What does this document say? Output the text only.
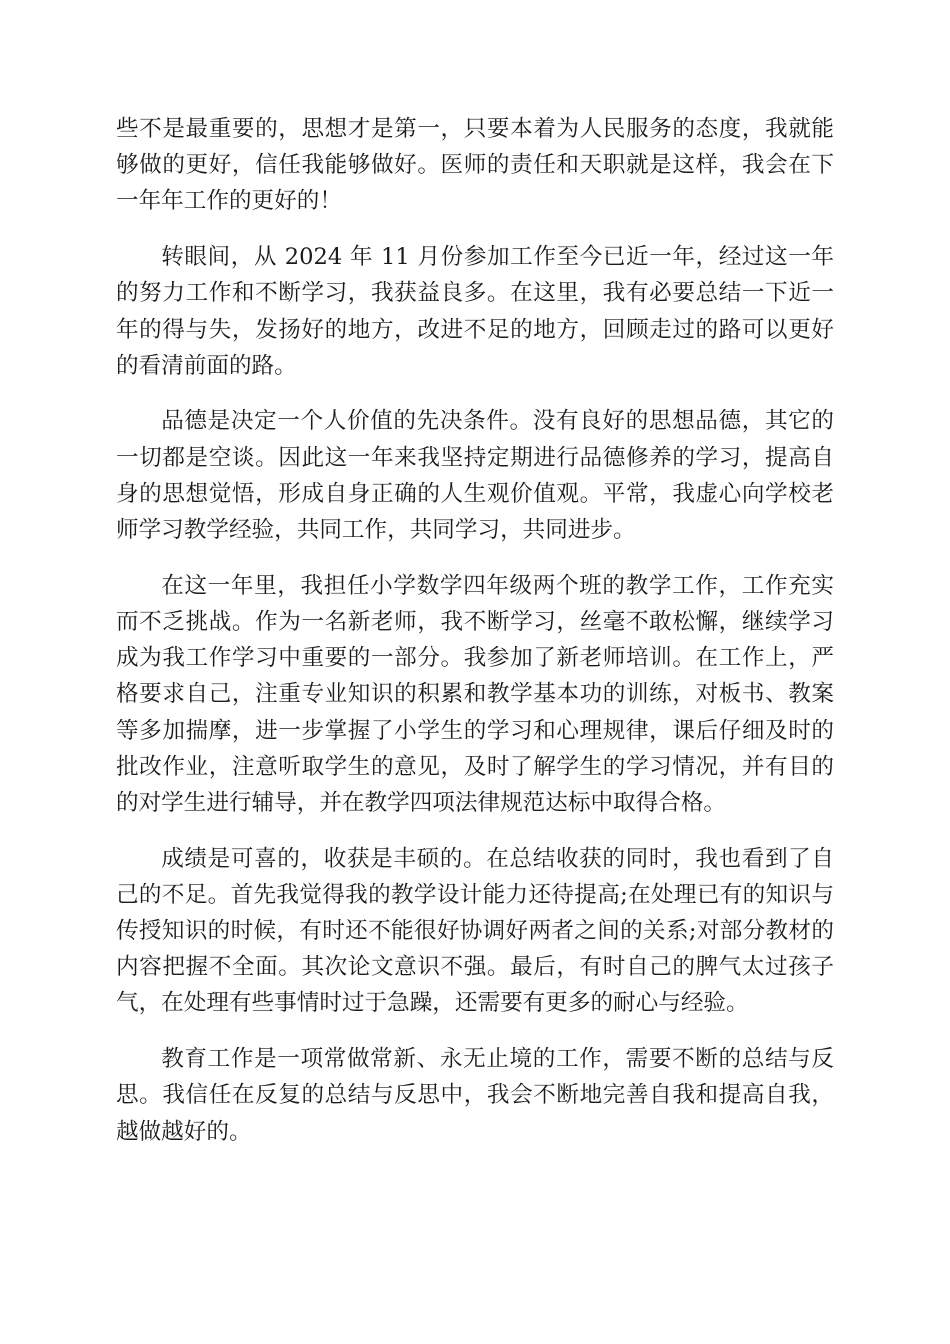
些不是最重要的，思想才是第一，只要本着为人民服务的态度，我就能够做的更好，信任我能够做好。医师的责任和天职就是这样，我会在下一年年工作的更好的！

转眼间，从 2024 年 11 月份参加工作至今已近一年，经过这一年的努力工作和不断学习，我获益良多。在这里，我有必要总结一下近一年的得与失，发扬好的地方，改进不足的地方，回顾走过的路可以更好的看清前面的路。

品德是决定一个人价值的先决条件。没有良好的思想品德，其它的一切都是空谈。因此这一年来我坚持定期进行品德修养的学习，提高自身的思想觉悟，形成自身正确的人生观价值观。平常，我虚心向学校老师学习教学经验，共同工作，共同学习，共同进步。

在这一年里，我担任小学数学四年级两个班的教学工作，工作充实而不乏挑战。作为一名新老师，我不断学习，丝毫不敢松懈，继续学习成为我工作学习中重要的一部分。我参加了新老师培训。在工作上，严格要求自己，注重专业知识的积累和教学基本功的训练，对板书、教案等多加揣摩，进一步掌握了小学生的学习和心理规律，课后仔细及时的批改作业，注意听取学生的意见，及时了解学生的学习情况，并有目的的对学生进行辅导，并在教学四项法律规范达标中取得合格。

成绩是可喜的，收获是丰硕的。在总结收获的同时，我也看到了自己的不足。首先我觉得我的教学设计能力还待提高;在处理已有的知识与传授知识的时候，有时还不能很好协调好两者之间的关系;对部分教材的内容把握不全面。其次论文意识不强。最后，有时自己的脾气太过孩子气，在处理有些事情时过于急躁，还需要有更多的耐心与经验。

教育工作是一项常做常新、永无止境的工作，需要不断的总结与反思。我信任在反复的总结与反思中，我会不断地完善自我和提高自我，越做越好的。
